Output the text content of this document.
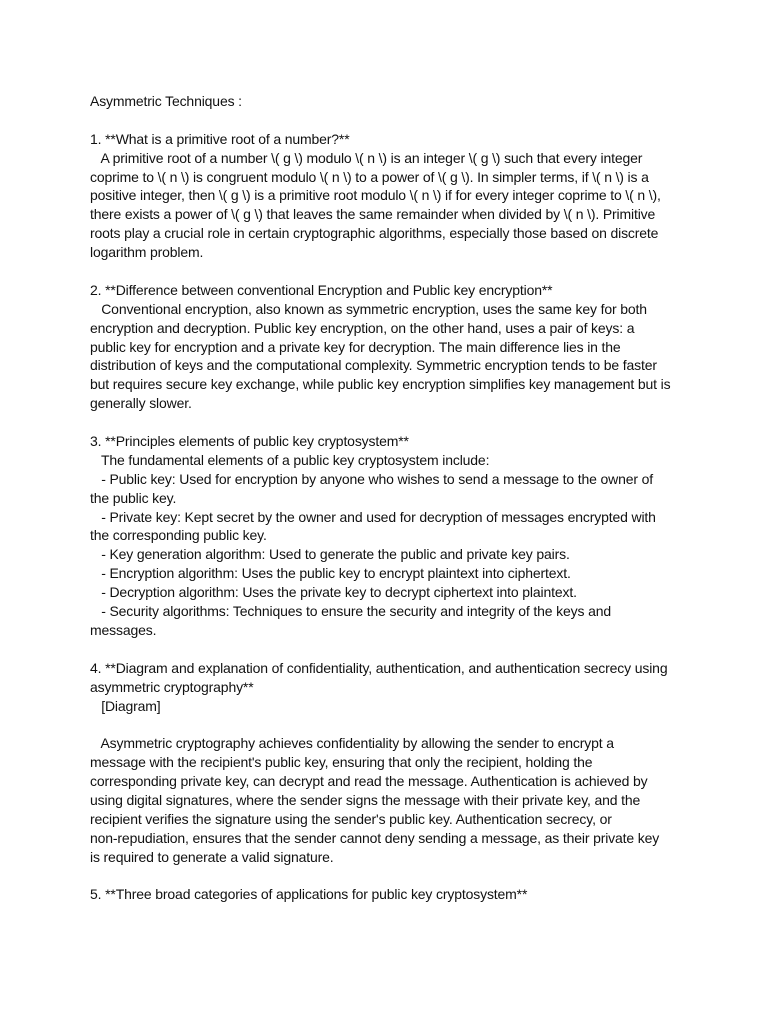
Asymmetric Techniques :
1. **What is a primitive root of a number?**
A primitive root of a number \( g \) modulo \( n \) is an integer \( g \) such that every integer
coprime to \( n \) is congruent modulo \( n \) to a power of \( g \). In simpler terms, if \( n \) is a
positive integer, then \( g \) is a primitive root modulo \( n \) if for every integer coprime to \( n \),
there exists a power of \( g \) that leaves the same remainder when divided by \( n \). Primitive
roots play a crucial role in certain cryptographic algorithms, especially those based on discrete
logarithm problem.
2. **Difference between conventional Encryption and Public key encryption**
Conventional encryption, also known as symmetric encryption, uses the same key for both
encryption and decryption. Public key encryption, on the other hand, uses a pair of keys: a
public key for encryption and a private key for decryption. The main difference lies in the
distribution of keys and the computational complexity. Symmetric encryption tends to be faster
but requires secure key exchange, while public key encryption simplifies key management but is
generally slower.
3. **Principles elements of public key cryptosystem**
The fundamental elements of a public key cryptosystem include:
- Public key: Used for encryption by anyone who wishes to send a message to the owner of
the public key.
- Private key: Kept secret by the owner and used for decryption of messages encrypted with
the corresponding public key.
- Key generation algorithm: Used to generate the public and private key pairs.
- Encryption algorithm: Uses the public key to encrypt plaintext into ciphertext.
- Decryption algorithm: Uses the private key to decrypt ciphertext into plaintext.
- Security algorithms: Techniques to ensure the security and integrity of the keys and
messages.
4. **Diagram and explanation of confidentiality, authentication, and authentication secrecy using
asymmetric cryptography**
[Diagram]
Asymmetric cryptography achieves confidentiality by allowing the sender to encrypt a
message with the recipient's public key, ensuring that only the recipient, holding the
corresponding private key, can decrypt and read the message. Authentication is achieved by
using digital signatures, where the sender signs the message with their private key, and the
recipient verifies the signature using the sender's public key. Authentication secrecy, or
non-repudiation, ensures that the sender cannot deny sending a message, as their private key
is required to generate a valid signature.
5. **Three broad categories of applications for public key cryptosystem**
